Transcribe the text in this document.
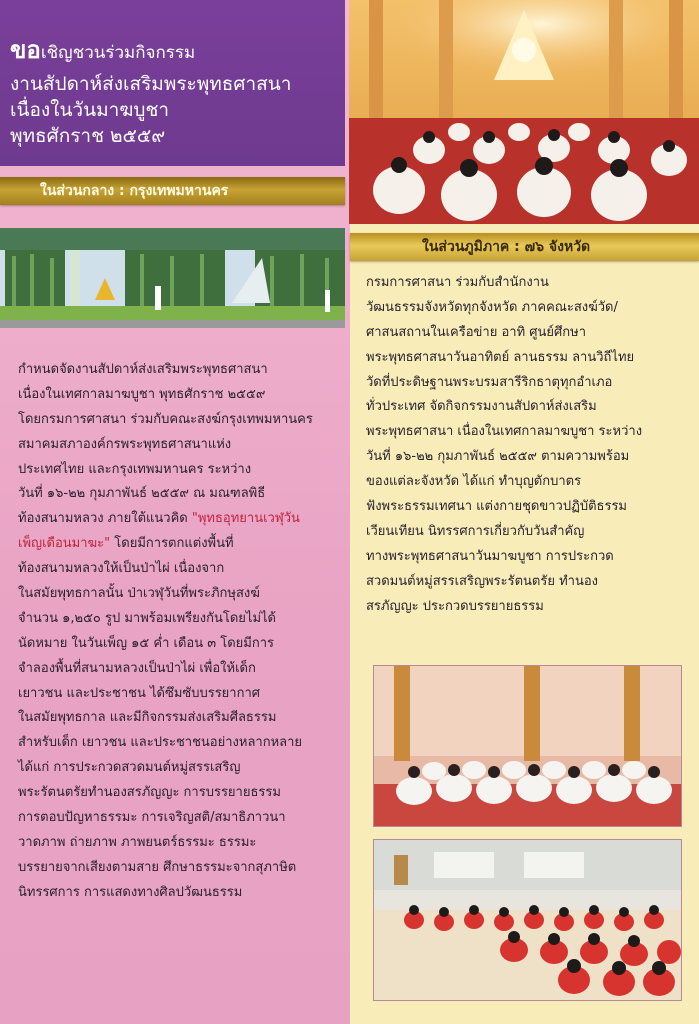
ขอเชิญชวนร่วมกิจกรรม
งานสัปดาห์ส่งเสริมพระพุทธศาสนา
เนื่องในวันมาฆบูชา
พุทธศักราช ๒๕๕๙
ในส่วนกลาง : กรุงเทพมหานคร
กำหนดจัดงานสัปดาห์ส่งเสริมพระพุทธศาสนา
เนื่องในเทศกาลมาฆบูชา พุทธศักราช ๒๕๕๙
โดยกรมการศาสนา ร่วมกับคณะสงฆ์กรุงเทพมหานคร
สมาคมสภาองค์กรพระพุทธศาสนาแห่ง
ประเทศไทย และกรุงเทพมหานคร ระหว่าง
วันที่ ๑๖-๒๒ กุมภาพันธ์ ๒๕๕๙ ณ มณฑลพิธี
ท้องสนามหลวง ภายใต้แนวคิด "พุทธอุทยานเวฬุวัน
เพ็ญเดือนมาฆะ" โดยมีการตกแต่งพื้นที่
ท้องสนามหลวงให้เป็นป่าไผ่ เนื่องจาก
ในสมัยพุทธกาลนั้น ป่าเวฬุวันที่พระภิกษุสงฆ์
จำนวน ๑,๒๕๐ รูป มาพร้อมเพรียงกันโดยไม่ได้
นัดหมาย ในวันเพ็ญ ๑๕ ค่ำ เดือน ๓ โดยมีการ
จำลองพื้นที่สนามหลวงเป็นป่าไผ่ เพื่อให้เด็ก
เยาวชน และประชาชน ได้ซึมซับบรรยากาศ
ในสมัยพุทธกาล และมีกิจกรรมส่งเสริมศีลธรรม
สำหรับเด็ก เยาวชน และประชาชนอย่างหลากหลาย
ได้แก่ การประกวดสวดมนต์หมู่สรรเสริญ
พระรัตนตรัยทำนองสรภัญญะ การบรรยายธรรม
การตอบปัญหาธรรมะ การเจริญสติ/สมาธิภาวนา
วาดภาพ ถ่ายภาพ ภาพยนตร์ธรรมะ ธรรมะ
บรรยายจากเสียงตามสาย ศึกษาธรรมะจากสุภาษิต
นิทรรศการ การแสดงทางศิลปวัฒนธรรม
ในส่วนภูมิภาค : ๗๖ จังหวัด
กรมการศาสนา ร่วมกับสำนักงาน
วัฒนธรรมจังหวัดทุกจังหวัด ภาคคณะสงฆ์วัด/
ศาสนสถานในเครือข่าย อาทิ ศูนย์ศึกษา
พระพุทธศาสนาวันอาทิตย์ ลานธรรม ลานวิถีไทย
วัดที่ประดิษฐานพระบรมสารีริกธาตุทุกอำเภอ
ทั่วประเทศ จัดกิจกรรมงานสัปดาห์ส่งเสริม
พระพุทธศาสนา เนื่องในเทศกาลมาฆบูชา ระหว่าง
วันที่ ๑๖-๒๒ กุมภาพันธ์ ๒๕๕๙ ตามความพร้อม
ของแต่ละจังหวัด ได้แก่ ทำบุญตักบาตร
ฟังพระธรรมเทศนา แต่งกายชุดขาวปฏิบัติธรรม
เวียนเทียน นิทรรศการเกี่ยวกับวันสำคัญ
ทางพระพุทธศาสนาวันมาฆบูชา การประกวด
สวดมนต์หมู่สรรเสริญพระรัตนตรัย ทำนอง
สรภัญญะ ประกวดบรรยายธรรม
